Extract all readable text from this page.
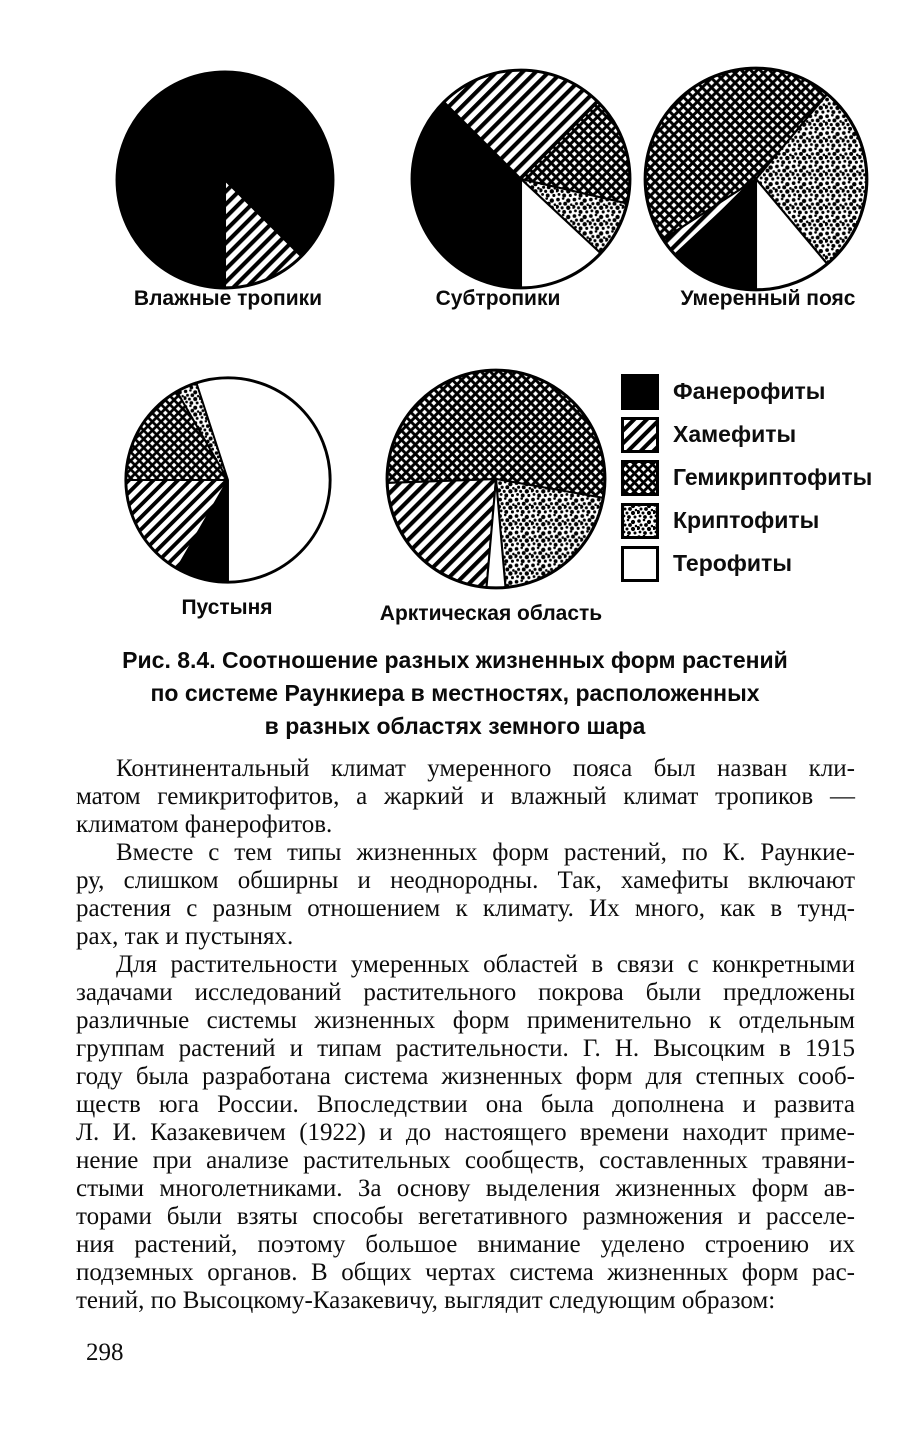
Влажные тропики	Субтропики	Умеренный пояс
Пустыня	Арктическая область
Фанерофиты
Хамефиты
Гемикриптофиты
Криптофиты
Терофиты
Рис. 8.4. Соотношение разных жизненных форм растений
по системе Раункиера в местностях, расположенных
в разных областях земного шара
Континентальный климат умеренного пояса был назван кли-
матом гемикритофитов, а жаркий и влажный климат тропиков —
климатом фанерофитов.
Вместе с тем типы жизненных форм растений, по К. Раункие-
ру, слишком обширны и неоднородны. Так, хамефиты включают
растения с разным отношением к климату. Их много, как в тунд-
рах, так и пустынях.
Для растительности умеренных областей в связи с конкретными
задачами исследований растительного покрова были предложены
различные системы жизненных форм применительно к отдельным
группам растений и типам растительности. Г. Н. Высоцким в 1915
году была разработана система жизненных форм для степных сооб-
ществ юга России. Впоследствии она была дополнена и развита
Л. И. Казакевичем (1922) и до настоящего времени находит приме-
нение при анализе растительных сообществ, составленных травяни-
стыми многолетниками. За основу выделения жизненных форм ав-
торами были взяты способы вегетативного размножения и расселе-
ния растений, поэтому большое внимание уделено строению их
подземных органов. В общих чертах система жизненных форм рас-
тений, по Высоцкому-Казакевичу, выглядит следующим образом:
298
